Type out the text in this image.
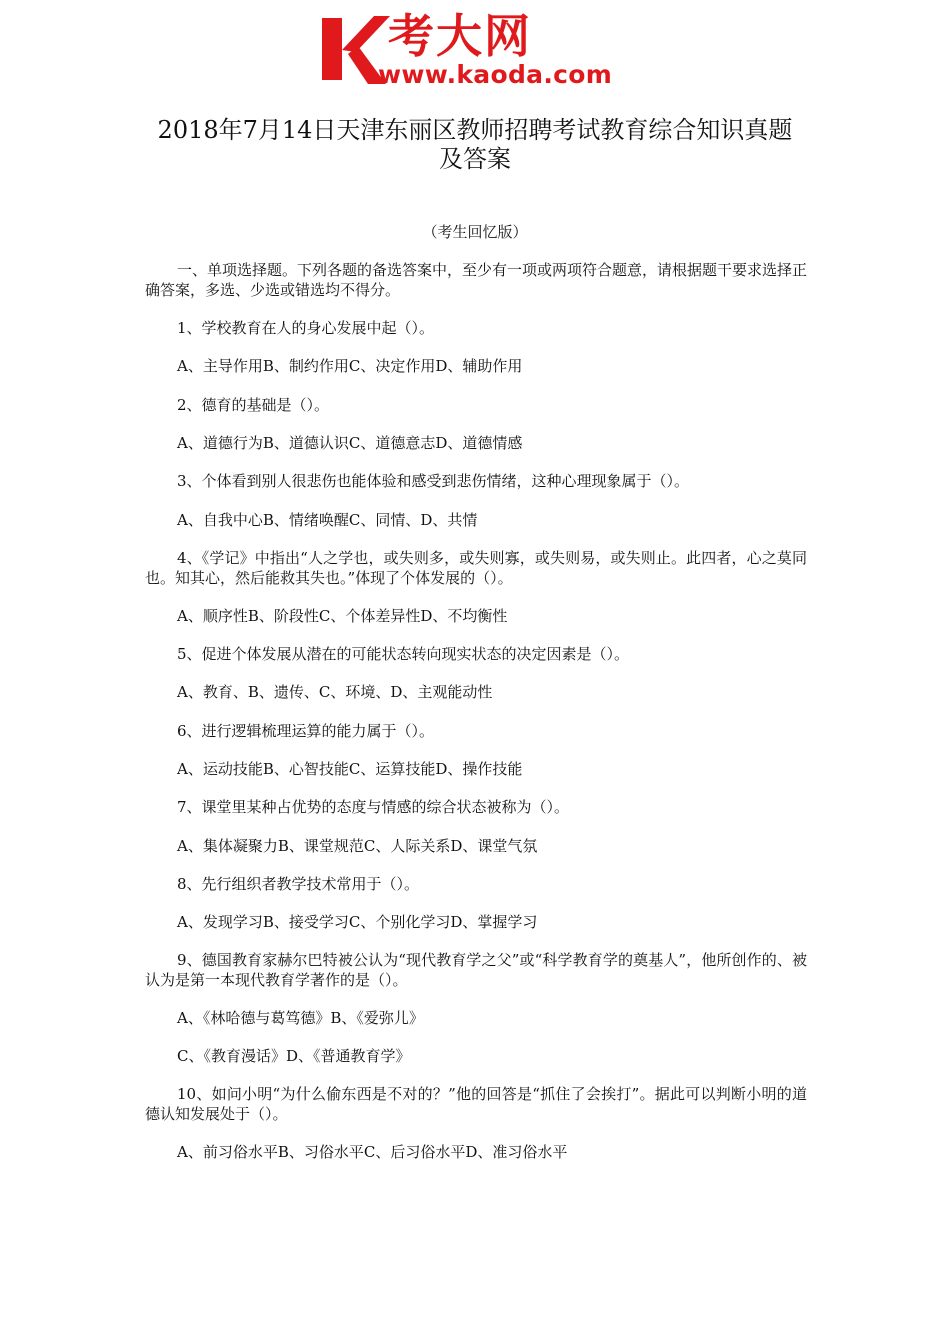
考大网
www.kaoda.com
2018年7月14日天津东丽区教师招聘考试教育综合知识真题
及答案
（考生回忆版）
一、单项选择题。下列各题的备选答案中，至少有一项或两项符合题意，请根据题干要求选择正确答案，多选、少选或错选均不得分。
1、学校教育在人的身心发展中起（）。
A、主导作用B、制约作用C、决定作用D、辅助作用
2、德育的基础是（）。
A、道德行为B、道德认识C、道德意志D、道德情感
3、个体看到别人很悲伤也能体验和感受到悲伤情绪，这种心理现象属于（）。
A、自我中心B、情绪唤醒C、同情、D、共情
4、《学记》中指出“人之学也，或失则多，或失则寡，或失则易，或失则止。此四者，心之莫同也。知其心，然后能救其失也。”体现了个体发展的（）。
A、顺序性B、阶段性C、个体差异性D、不均衡性
5、促进个体发展从潜在的可能状态转向现实状态的决定因素是（）。
A、教育、B、遗传、C、环境、D、主观能动性
6、进行逻辑梳理运算的能力属于（）。
A、运动技能B、心智技能C、运算技能D、操作技能
7、课堂里某种占优势的态度与情感的综合状态被称为（）。
A、集体凝聚力B、课堂规范C、人际关系D、课堂气氛
8、先行组织者教学技术常用于（）。
A、发现学习B、接受学习C、个别化学习D、掌握学习
9、德国教育家赫尔巴特被公认为“现代教育学之父”或“科学教育学的奠基人”，他所创作的、被认为是第一本现代教育学著作的是（）。
A、《林哈德与葛笃德》B、《爱弥儿》
C、《教育漫话》D、《普通教育学》
10、如问小明“为什么偷东西是不对的？”他的回答是“抓住了会挨打”。据此可以判断小明的道德认知发展处于（）。
A、前习俗水平B、习俗水平C、后习俗水平D、准习俗水平
